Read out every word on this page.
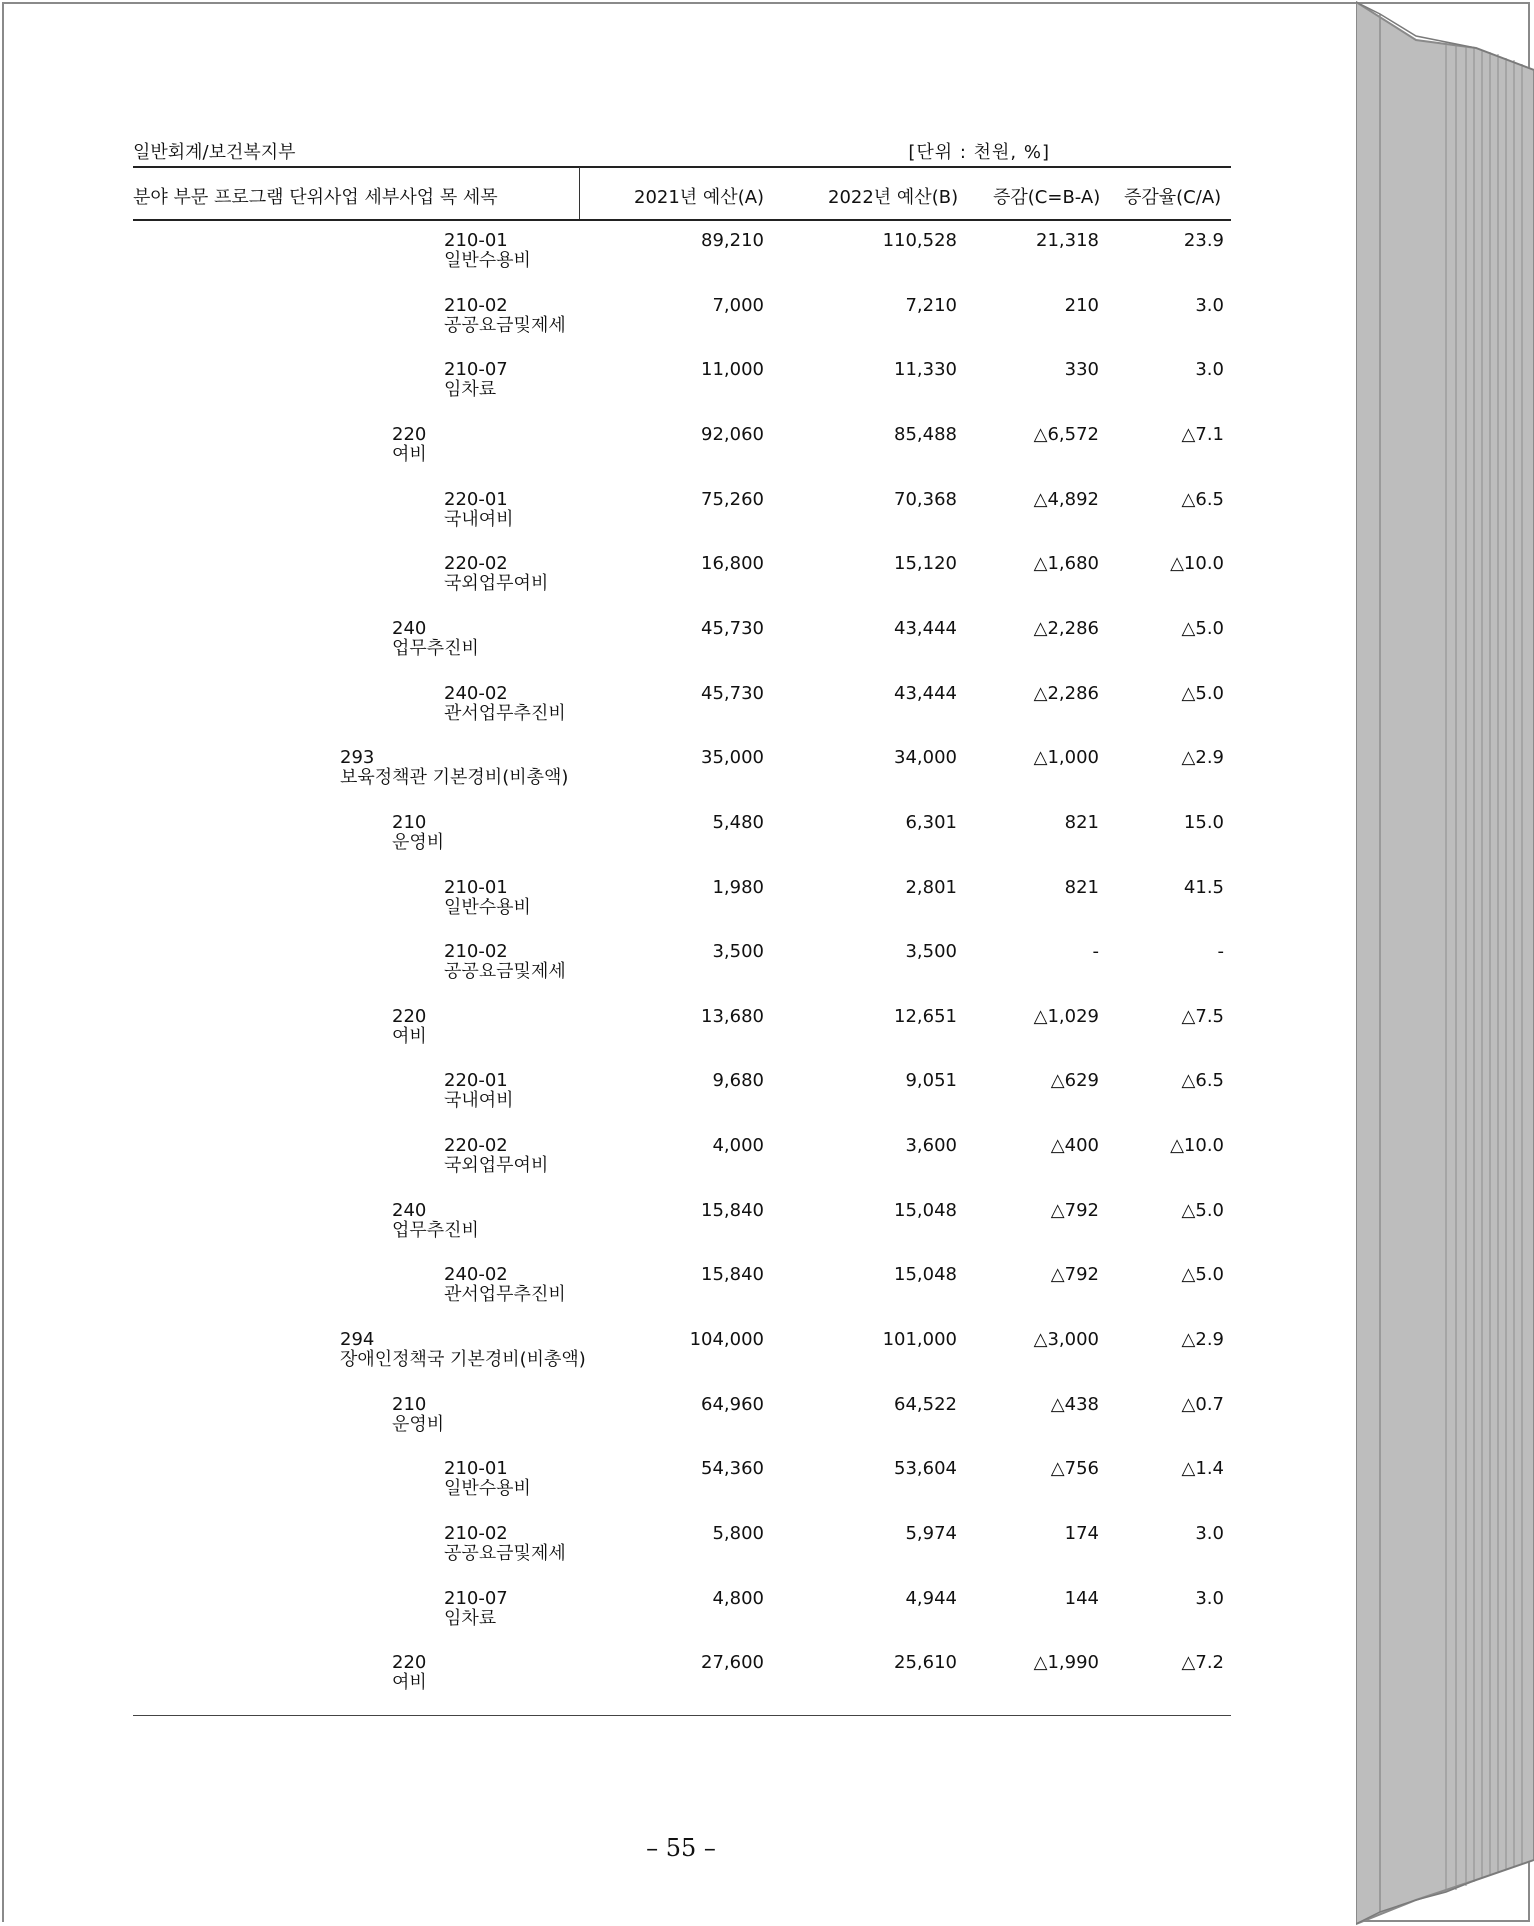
일반회계/보건복지부	[단위 : 천원, %]
분야 부문 프로그램 단위사업 세부사업 목 세목	2021년 예산(A)	2022년 예산(B) 증감(C=B-A) 증감율(C/A)
210-01
일반수용비
89,210	110,528	21,318	23.9
210-02
공공요금및제세
7,000	7,210	210	3.0
210-07
임차료
11,000	11,330	330	3.0
220
여비
92,060	85,488	△6,572	△7.1
220-01
국내여비
75,260	70,368	△4,892	△6.5
220-02
국외업무여비
16,800	15,120	△1,680	△10.0
240
업무추진비
45,730	43,444	△2,286	△5.0
240-02
관서업무추진비
45,730	43,444	△2,286	△5.0
293
보육정책관 기본경비(비총액)
35,000	34,000	△1,000	△2.9
210
운영비
5,480	6,301	821	15.0
210-01
일반수용비
1,980	2,801	821	41.5
210-02
공공요금및제세
3,500	3,500	-	-
220
여비
13,680	12,651	△1,029	△7.5
220-01
국내여비
9,680	9,051	△629	△6.5
220-02
국외업무여비
4,000	3,600	△400	△10.0
240
업무추진비
15,840	15,048	△792	△5.0
240-02
관서업무추진비
15,840	15,048	△792	△5.0
294
장애인정책국 기본경비(비총액)
104,000	101,000	△3,000	△2.9
210
운영비
64,960	64,522	△438	△0.7
210-01
일반수용비
54,360	53,604	△756	△1.4
210-02
공공요금및제세
5,800	5,974	174	3.0
210-07
임차료
4,800	4,944	144	3.0
220
여비
27,600	25,610	△1,990	△7.2
– 55 –
